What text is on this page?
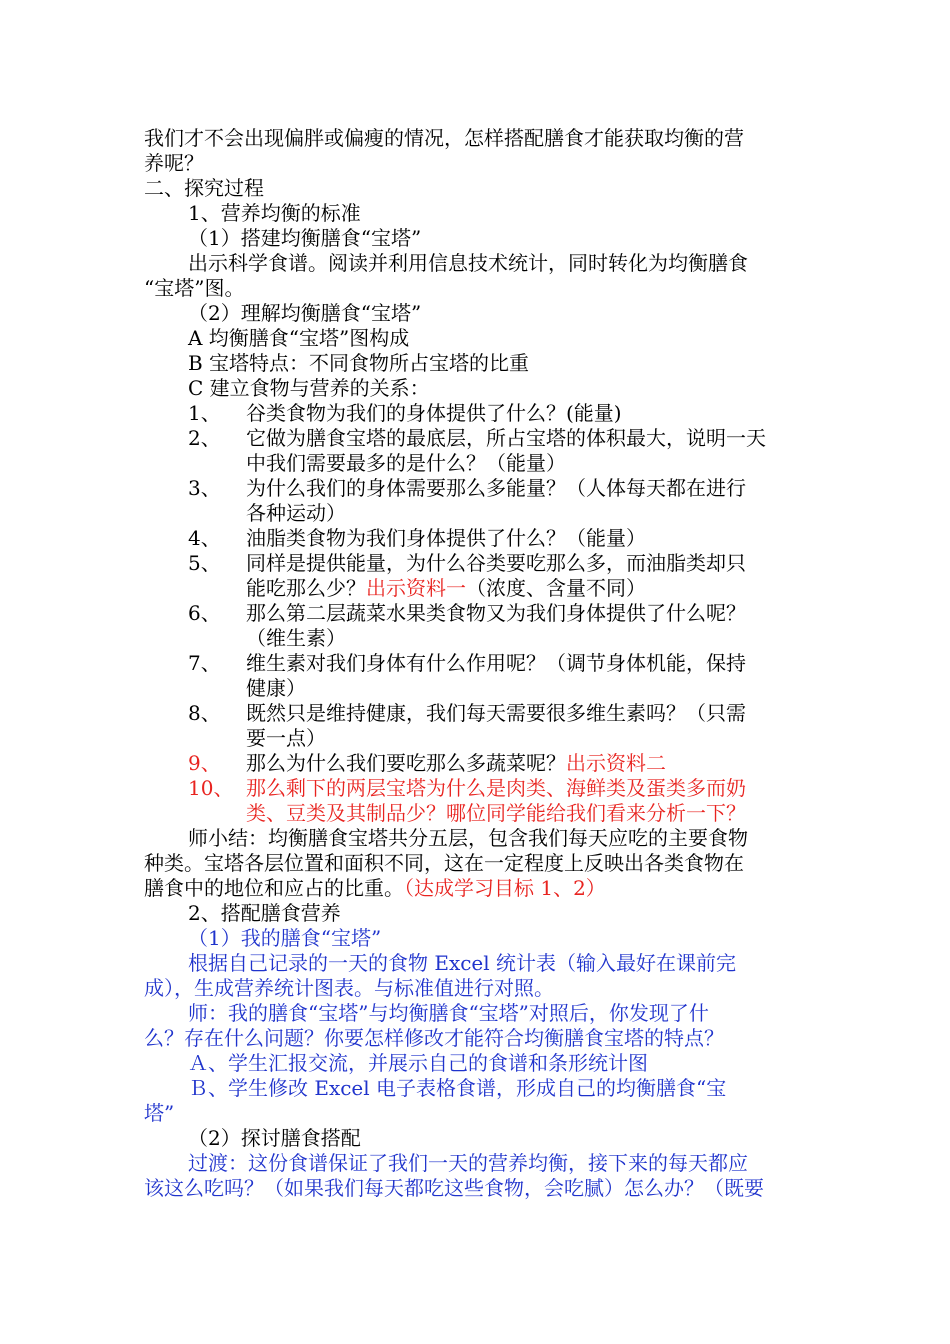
我们才不会出现偏胖或偏瘦的情况，怎样搭配膳食才能获取均衡的营
养呢？
二、探究过程
1、营养均衡的标准
（1）搭建均衡膳食“宝塔”
出示科学食谱。阅读并利用信息技术统计，同时转化为均衡膳食
“宝塔”图。
（2）理解均衡膳食“宝塔”
A 均衡膳食“宝塔”图构成
B 宝塔特点：不同食物所占宝塔的比重
C 建立食物与营养的关系：
1、 谷类食物为我们的身体提供了什么？(能量)
2、 它做为膳食宝塔的最底层，所占宝塔的体积最大，说明一天
中我们需要最多的是什么？（能量）
3、 为什么我们的身体需要那么多能量？（人体每天都在进行
各种运动）
4、 油脂类食物为我们身体提供了什么？（能量）
5、 同样是提供能量，为什么谷类要吃那么多，而油脂类却只
能吃那么少？出示资料一（浓度、含量不同）
6、 那么第二层蔬菜水果类食物又为我们身体提供了什么呢？
（维生素）
7、 维生素对我们身体有什么作用呢？（调节身体机能，保持
健康）
8、 既然只是维持健康，我们每天需要很多维生素吗？（只需
要一点）
9、 那么为什么我们要吃那么多蔬菜呢？出示资料二
10、 那么剩下的两层宝塔为什么是肉类、海鲜类及蛋类多而奶
类、豆类及其制品少？哪位同学能给我们看来分析一下？
师小结：均衡膳食宝塔共分五层，包含我们每天应吃的主要食物
种类。宝塔各层位置和面积不同，这在一定程度上反映出各类食物在
膳食中的地位和应占的比重。（达成学习目标 1、2）
2、搭配膳食营养
（1）我的膳食“宝塔”
根据自己记录的一天的食物 Excel 统计表（输入最好在课前完
成），生成营养统计图表。与标准值进行对照。
师：我的膳食“宝塔”与均衡膳食“宝塔”对照后，你发现了什
么？存在什么问题？你要怎样修改才能符合均衡膳食宝塔的特点？
Ａ、学生汇报交流，并展示自己的食谱和条形统计图
Ｂ、学生修改 Excel 电子表格食谱，形成自己的均衡膳食“宝
塔”
（2）探讨膳食搭配
过渡：这份食谱保证了我们一天的营养均衡，接下来的每天都应
该这么吃吗？（如果我们每天都吃这些食物，会吃腻）怎么办？（既要
